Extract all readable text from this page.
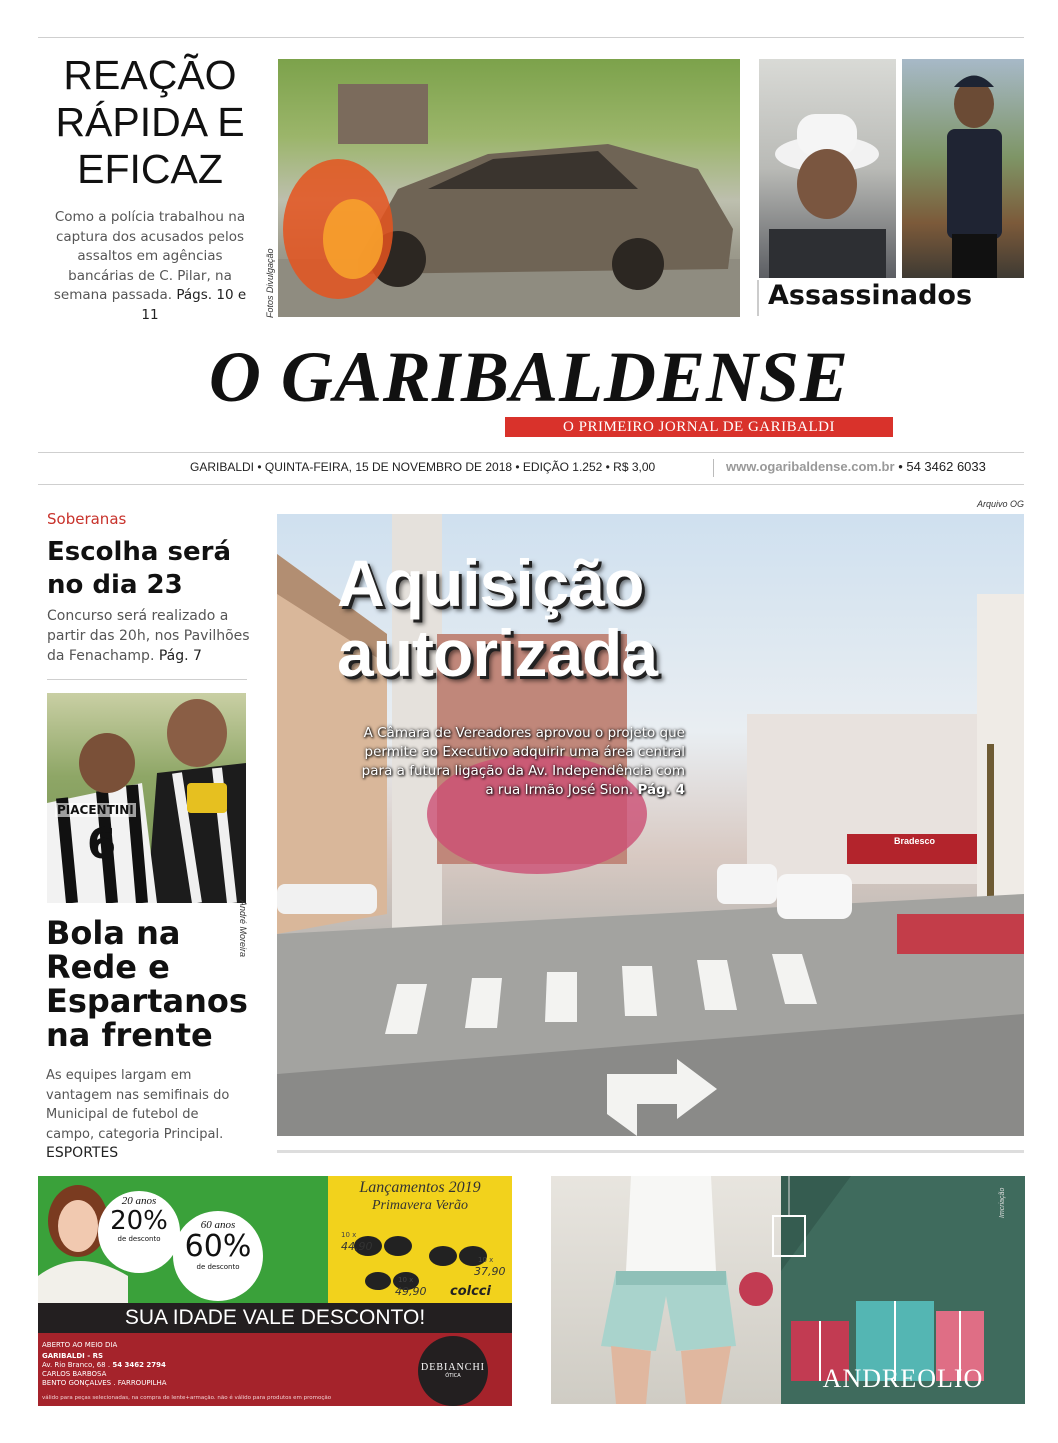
REAÇÃO
RÁPIDA E
EFICAZ
Como a polícia trabalhou na captura dos acusados pelos assaltos em agências bancárias de C. Pilar, na semana passada. Págs. 10 e 11	Fotos Divulgação	Assassinados
O GARIBALDENSE
O PRIMEIRO JORNAL DE GARIBALDI
GARIBALDI • QUINTA-FEIRA, 15 DE NOVEMBRO DE 2018 • EDIÇÃO 1.252 • R$ 3,00	www.ogaribaldense.com.br • 54 3462 6033
Soberanas
Escolha será no dia 23
Concurso será realizado a partir das 20h, nos Pavilhões da Fenachamp. Pág. 7
PIACENTINI
6
André Moreira
Bola na
Rede e
Espartanos
na frente
As equipes largam em vantagem nas semifinais do Municipal de futebol de campo, categoria Principal. ESPORTES
Arquivo OG
Bradesco
Aquisição
autorizada
A Câmara de Vereadores aprovou o projeto que permite ao Executivo adquirir uma área central para a futura ligação da Av. Independência com a rua Irmão José Sion. Pág. 4
20 anos
20%
de desconto
60 anos
60%
de desconto
Lançamentos 2019
Primavera Verão
10 x
44,90
10 x
37,90
10 x
49,90 colcci
SUA IDADE VALE DESCONTO!
ABERTO AO MEIO DIA
GARIBALDI - RS
Av. Rio Branco, 68 . 54 3462 2794
CARLOS BARBOSA
BENTO GONÇALVES . FARROUPILHA
válido para peças selecionadas, na compra de lente+armação. não é válido para produtos em promoção
DEBIANCHI
ÓTICA	ANDREOLIO
Imcriação
